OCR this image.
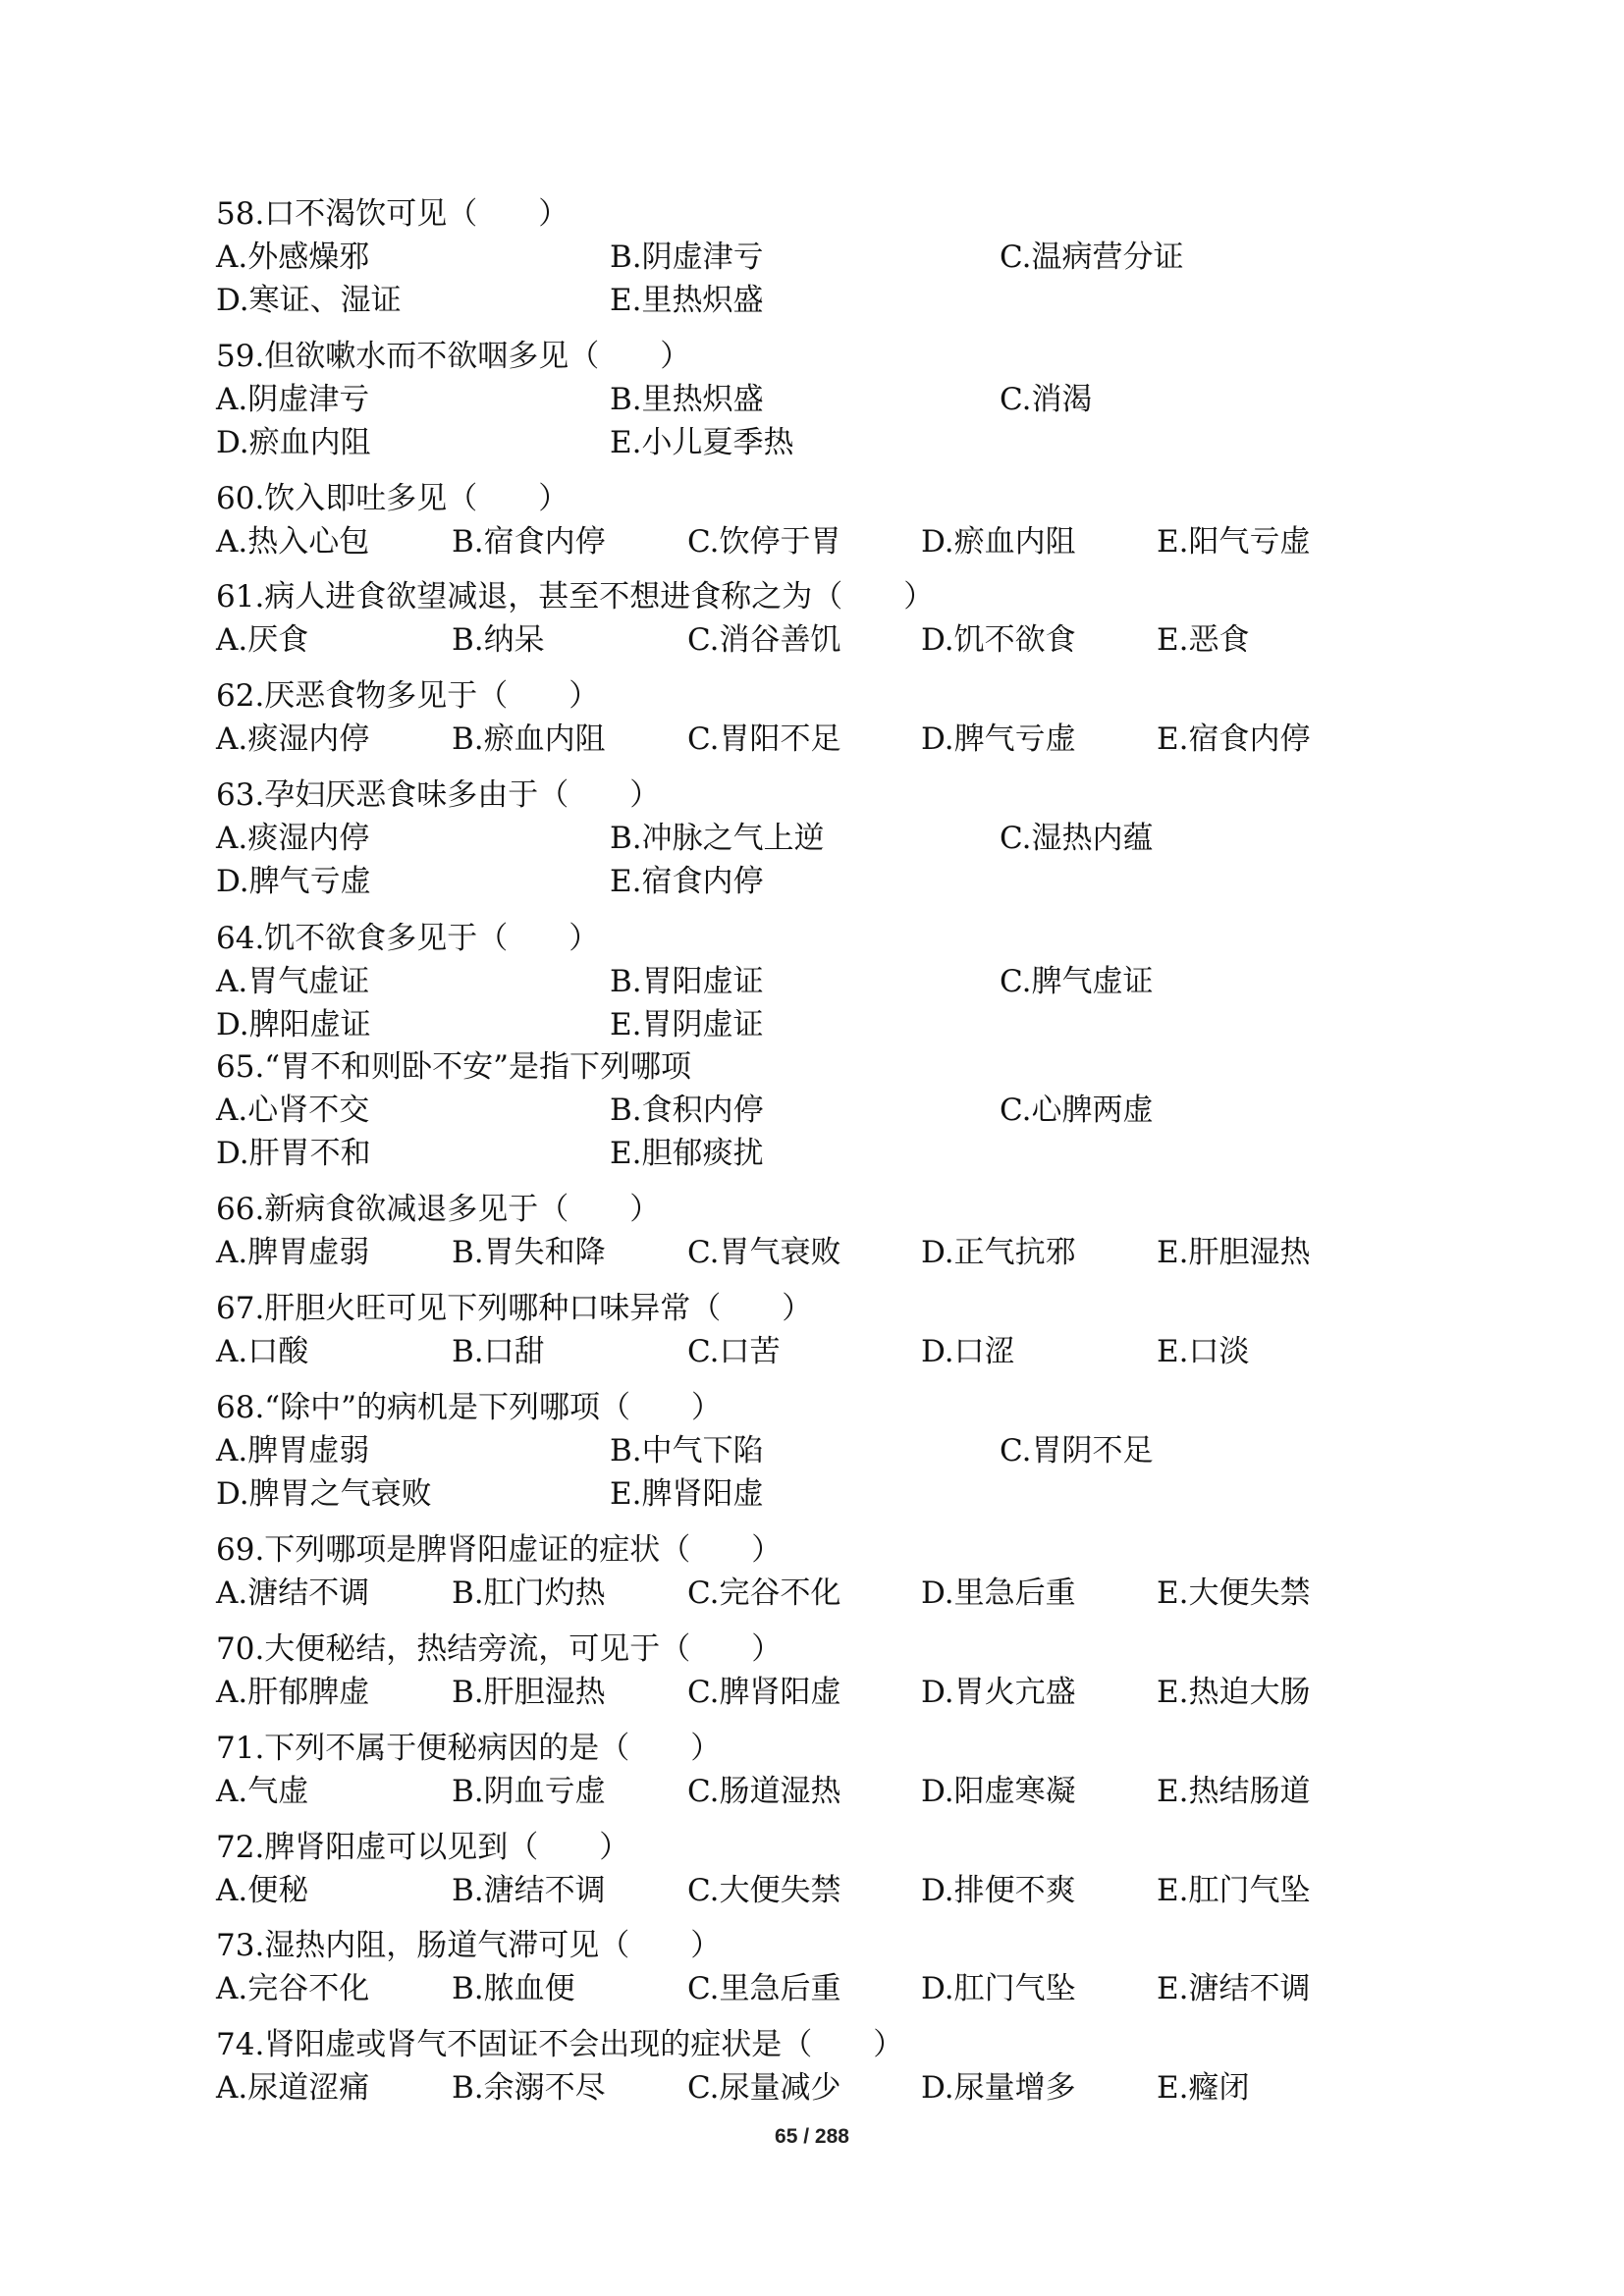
58.口不渴饮可见（　　）
A.外感燥邪	B.阴虚津亏	C.温病营分证
D.寒证、湿证	E.里热炽盛
59.但欲嗽水而不欲咽多见（　　）
A.阴虚津亏	B.里热炽盛	C.消渴
D.瘀血内阻	E.小儿夏季热
60.饮入即吐多见（　　）
A.热入心包	B.宿食内停	C.饮停于胃	D.瘀血内阻	E.阳气亏虚
61.病人进食欲望减退，甚至不想进食称之为（　　）
A.厌食	B.纳呆	C.消谷善饥	D.饥不欲食	E.恶食
62.厌恶食物多见于（　　）
A.痰湿内停	B.瘀血内阻	C.胃阳不足	D.脾气亏虚	E.宿食内停
63.孕妇厌恶食味多由于（　　）
A.痰湿内停	B.冲脉之气上逆	C.湿热内蕴
D.脾气亏虚	E.宿食内停
64.饥不欲食多见于（　　）
A.胃气虚证	B.胃阳虚证	C.脾气虚证
D.脾阳虚证	E.胃阴虚证
65.“胃不和则卧不安”是指下列哪项
A.心肾不交	B.食积内停	C.心脾两虚
D.肝胃不和	E.胆郁痰扰
66.新病食欲减退多见于（　　）
A.脾胃虚弱	B.胃失和降	C.胃气衰败	D.正气抗邪	E.肝胆湿热
67.肝胆火旺可见下列哪种口味异常（　　）
A.口酸	B.口甜	C.口苦	D.口涩	E.口淡
68.“除中”的病机是下列哪项（　　）
A.脾胃虚弱	B.中气下陷	C.胃阴不足
D.脾胃之气衰败	E.脾肾阳虚
69.下列哪项是脾肾阳虚证的症状（　　）
A.溏结不调	B.肛门灼热	C.完谷不化	D.里急后重	E.大便失禁
70.大便秘结，热结旁流，可见于（　　）
A.肝郁脾虚	B.肝胆湿热	C.脾肾阳虚	D.胃火亢盛	E.热迫大肠
71.下列不属于便秘病因的是（　　）
A.气虚	B.阴血亏虚	C.肠道湿热	D.阳虚寒凝	E.热结肠道
72.脾肾阳虚可以见到（　　）
A.便秘	B.溏结不调	C.大便失禁	D.排便不爽	E.肛门气坠
73.湿热内阻，肠道气滞可见（　　）
A.完谷不化	B.脓血便	C.里急后重	D.肛门气坠	E.溏结不调
74.肾阳虚或肾气不固证不会出现的症状是（　　）
A.尿道涩痛	B.余溺不尽	C.尿量减少	D.尿量增多	E.癃闭
65 / 288
